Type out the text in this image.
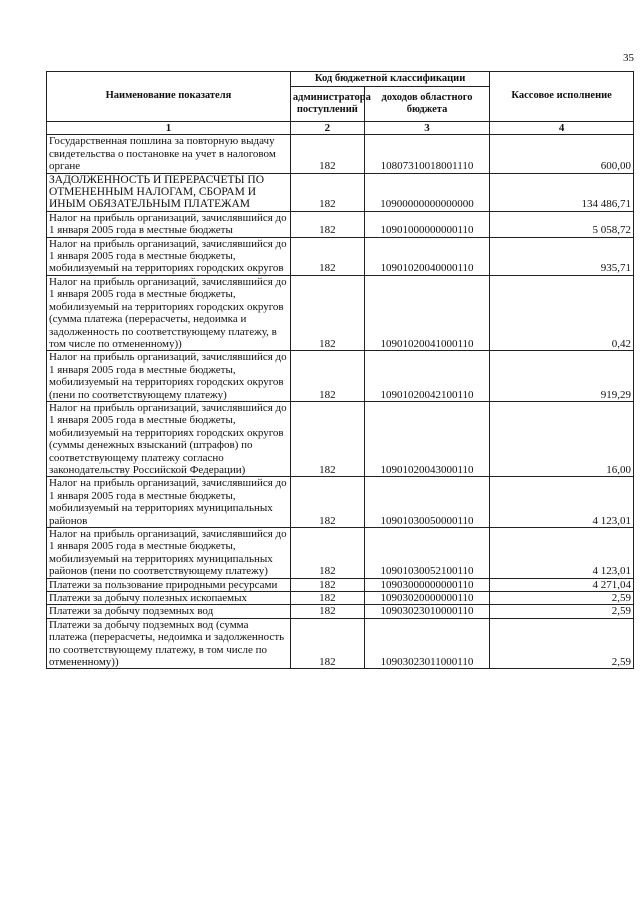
35
Наименование показателя	Код бюджетной классификации		Кассовое исполнение
	администратора поступлений	доходов областного бюджета	
1	2	3	4
Государственная пошлина за повторную выдачу свидетельства о постановке на учет в налоговом органе	182	10807310018001110	600,00
ЗАДОЛЖЕННОСТЬ И ПЕРЕРАСЧЕТЫ ПО ОТМЕНЕННЫМ НАЛОГАМ, СБОРАМ И ИНЫМ ОБЯЗАТЕЛЬНЫМ ПЛАТЕЖАМ	182	10900000000000000	134 486,71
Налог на прибыль организаций, зачислявшийся до 1 января 2005 года в местные бюджеты	182	10901000000000110	5 058,72
Налог на прибыль организаций, зачислявшийся до 1 января 2005 года в местные бюджеты, мобилизуемый на территориях городских округов	182	10901020040000110	935,71
Налог на прибыль организаций, зачислявшийся до 1 января 2005 года в местные бюджеты, мобилизуемый на территориях городских округов (сумма платежа (перерасчеты, недоимка и задолженность по соответствующему платежу, в том числе по отмененному))	182	10901020041000110	0,42
Налог на прибыль организаций, зачислявшийся до 1 января 2005 года в местные бюджеты, мобилизуемый на территориях городских округов (пени по соответствующему платежу)	182	10901020042100110	919,29
Налог на прибыль организаций, зачислявшийся до 1 января 2005 года в местные бюджеты, мобилизуемый на территориях городских округов (суммы денежных взысканий (штрафов) по соответствующему платежу согласно законодательству Российской Федерации)	182	10901020043000110	16,00
Налог на прибыль организаций, зачислявшийся до 1 января 2005 года в местные бюджеты, мобилизуемый на территориях муниципальных районов	182	10901030050000110	4 123,01
Налог на прибыль организаций, зачислявшийся до 1 января 2005 года в местные бюджеты, мобилизуемый на территориях муниципальных районов (пени по соответствующему платежу)	182	10901030052100110	4 123,01
Платежи за пользование природными ресурсами	182	10903000000000110	4 271,04
Платежи за добычу полезных ископаемых	182	10903020000000110	2,59
Платежи за добычу подземных вод	182	10903023010000110	2,59
Платежи за добычу подземных вод (сумма платежа (перерасчеты, недоимка и задолженность по соответствующему платежу, в том числе по отмененному))	182	10903023011000110	2,59
